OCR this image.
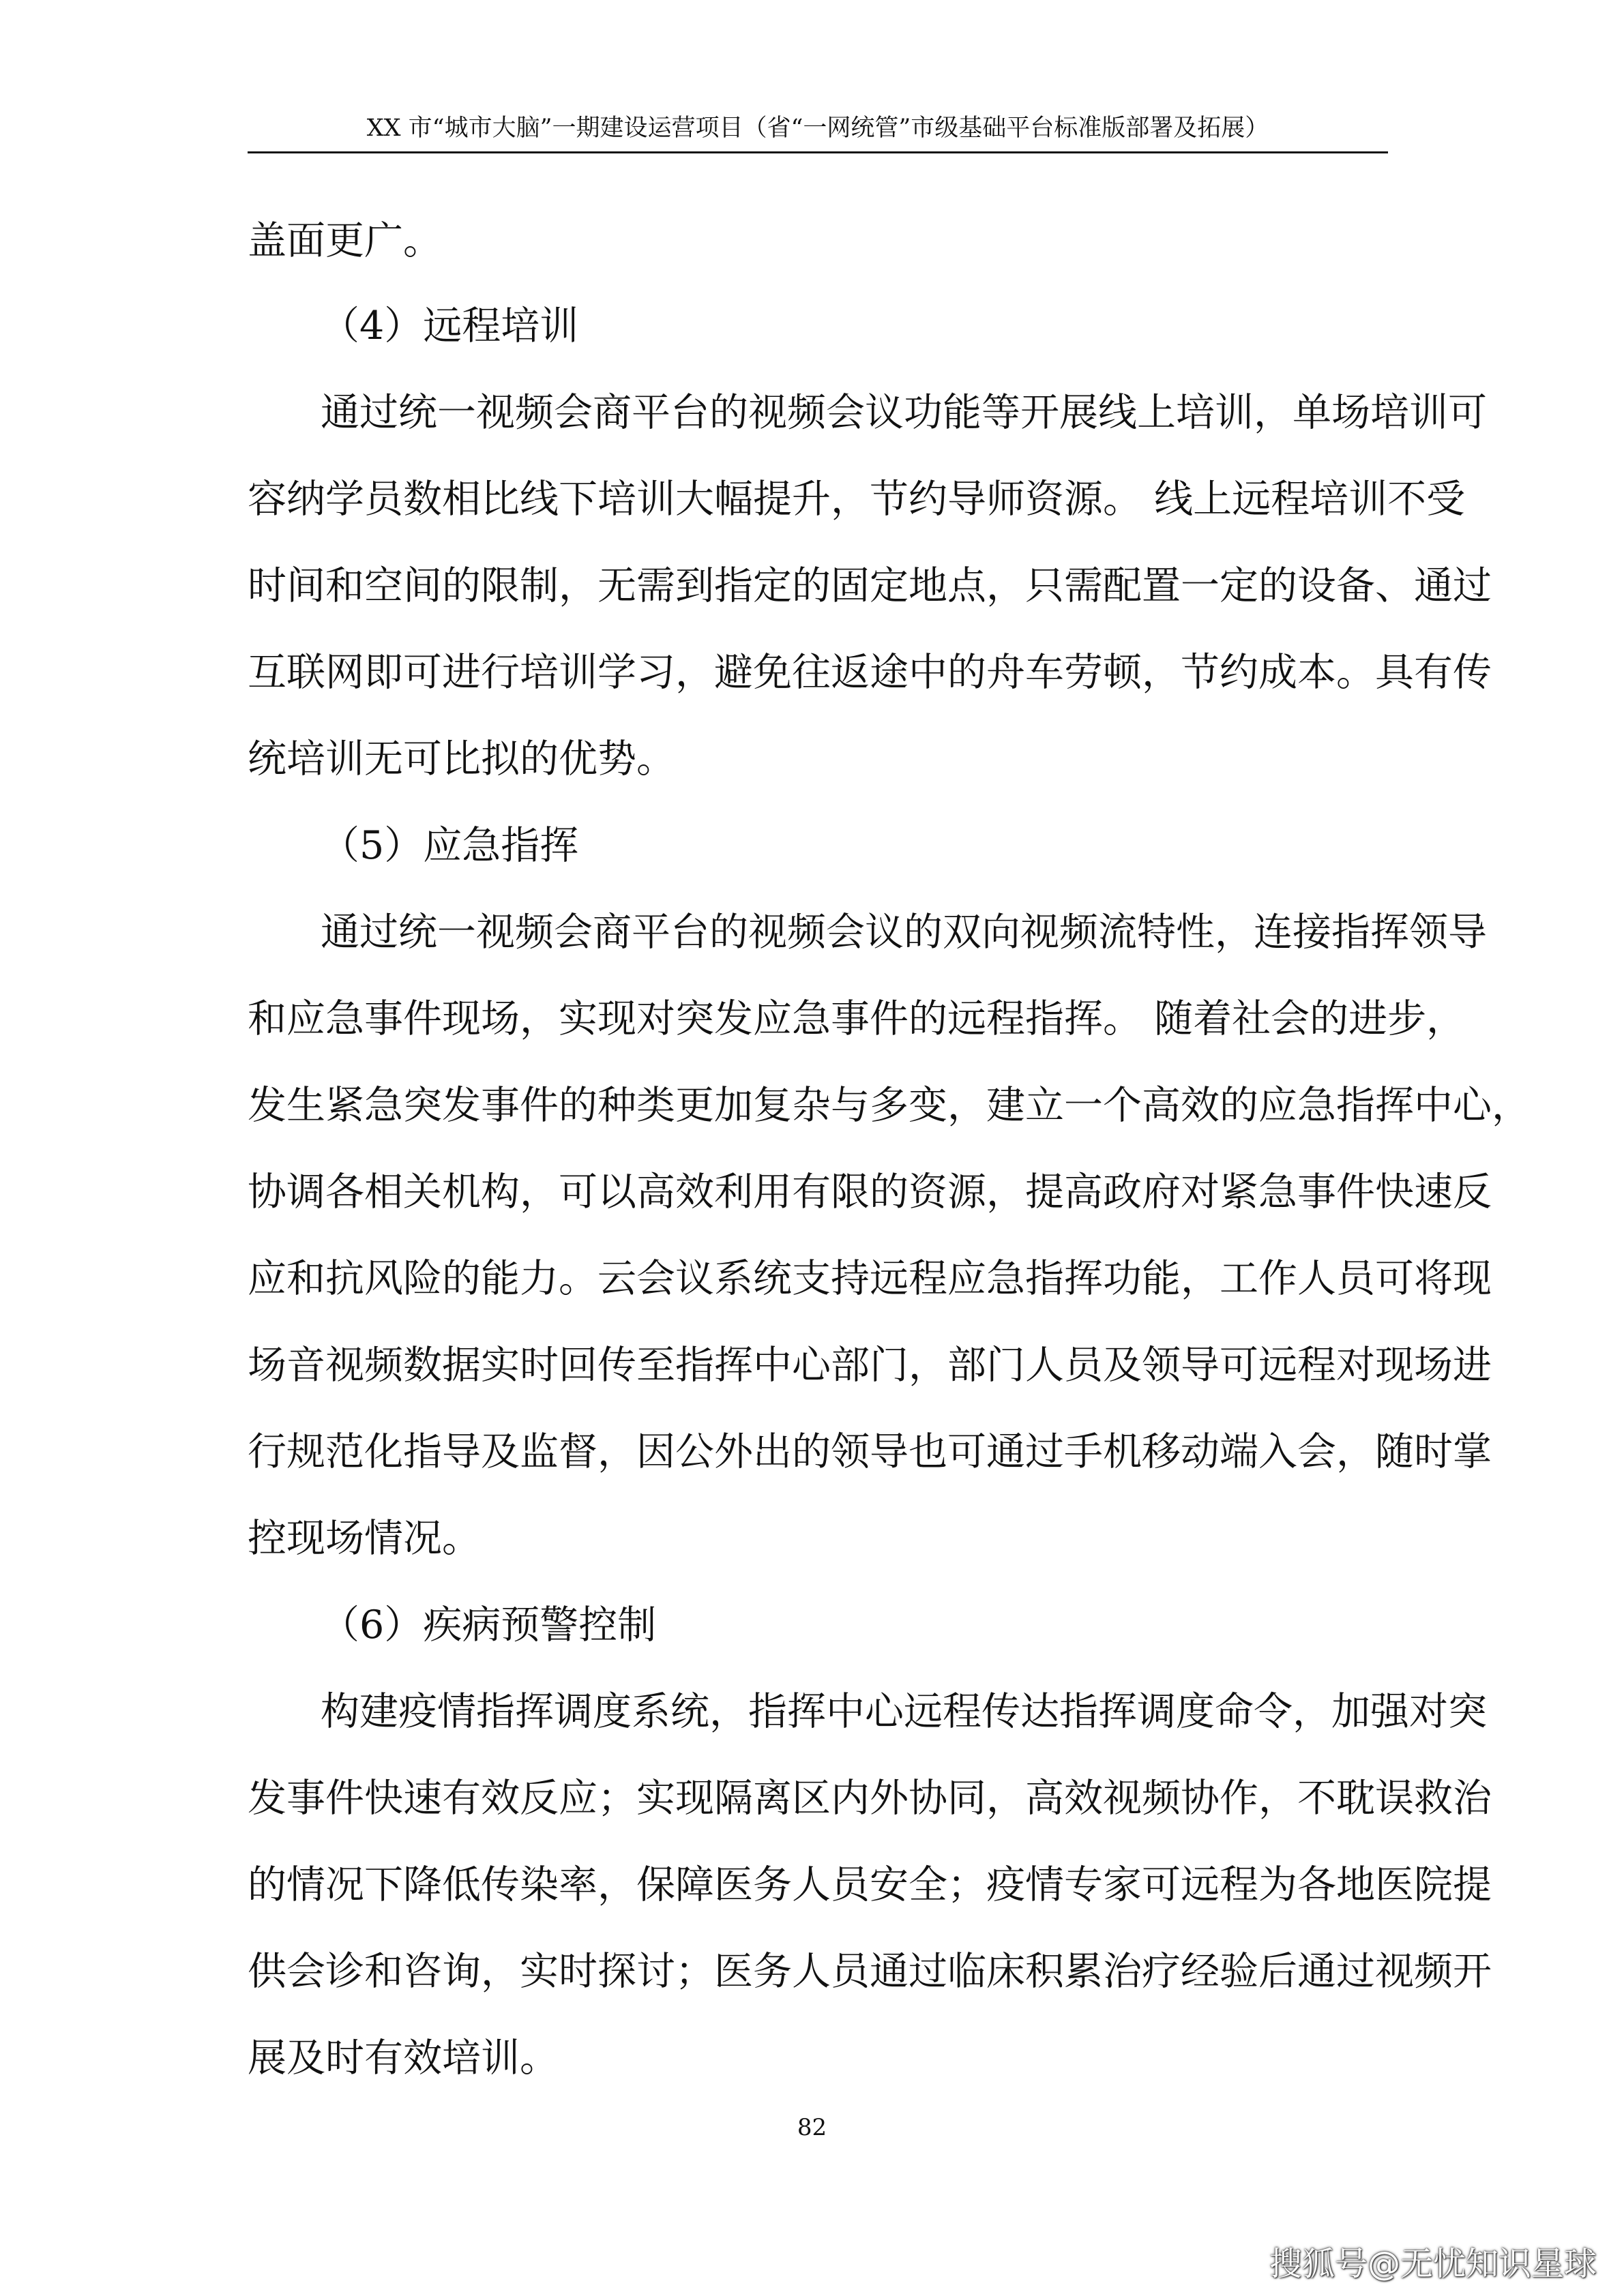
XX 市“城市大脑”一期建设运营项目（省“一网统管”市级基础平台标准版部署及拓展）
盖面更广。
（4）远程培训
通过统一视频会商平台的视频会议功能等开展线上培训，单场培训可
容纳学员数相比线下培训大幅提升，节约导师资源。 线上远程培训不受
时间和空间的限制，无需到指定的固定地点，只需配置一定的设备、通过
互联网即可进行培训学习，避免往返途中的舟车劳顿，节约成本。具有传
统培训无可比拟的优势。
（5）应急指挥
通过统一视频会商平台的视频会议的双向视频流特性，连接指挥领导
和应急事件现场，实现对突发应急事件的远程指挥。 随着社会的进步，
发生紧急突发事件的种类更加复杂与多变，建立一个高效的应急指挥中心，
协调各相关机构，可以高效利用有限的资源，提高政府对紧急事件快速反
应和抗风险的能力。云会议系统支持远程应急指挥功能，工作人员可将现
场音视频数据实时回传至指挥中心部门，部门人员及领导可远程对现场进
行规范化指导及监督，因公外出的领导也可通过手机移动端入会，随时掌
控现场情况。
（6）疾病预警控制
构建疫情指挥调度系统，指挥中心远程传达指挥调度命令，加强对突
发事件快速有效反应；实现隔离区内外协同，高效视频协作，不耽误救治
的情况下降低传染率，保障医务人员安全；疫情专家可远程为各地医院提
供会诊和咨询，实时探讨；医务人员通过临床积累治疗经验后通过视频开
展及时有效培训。
82
搜狐号@无忧知识星球
